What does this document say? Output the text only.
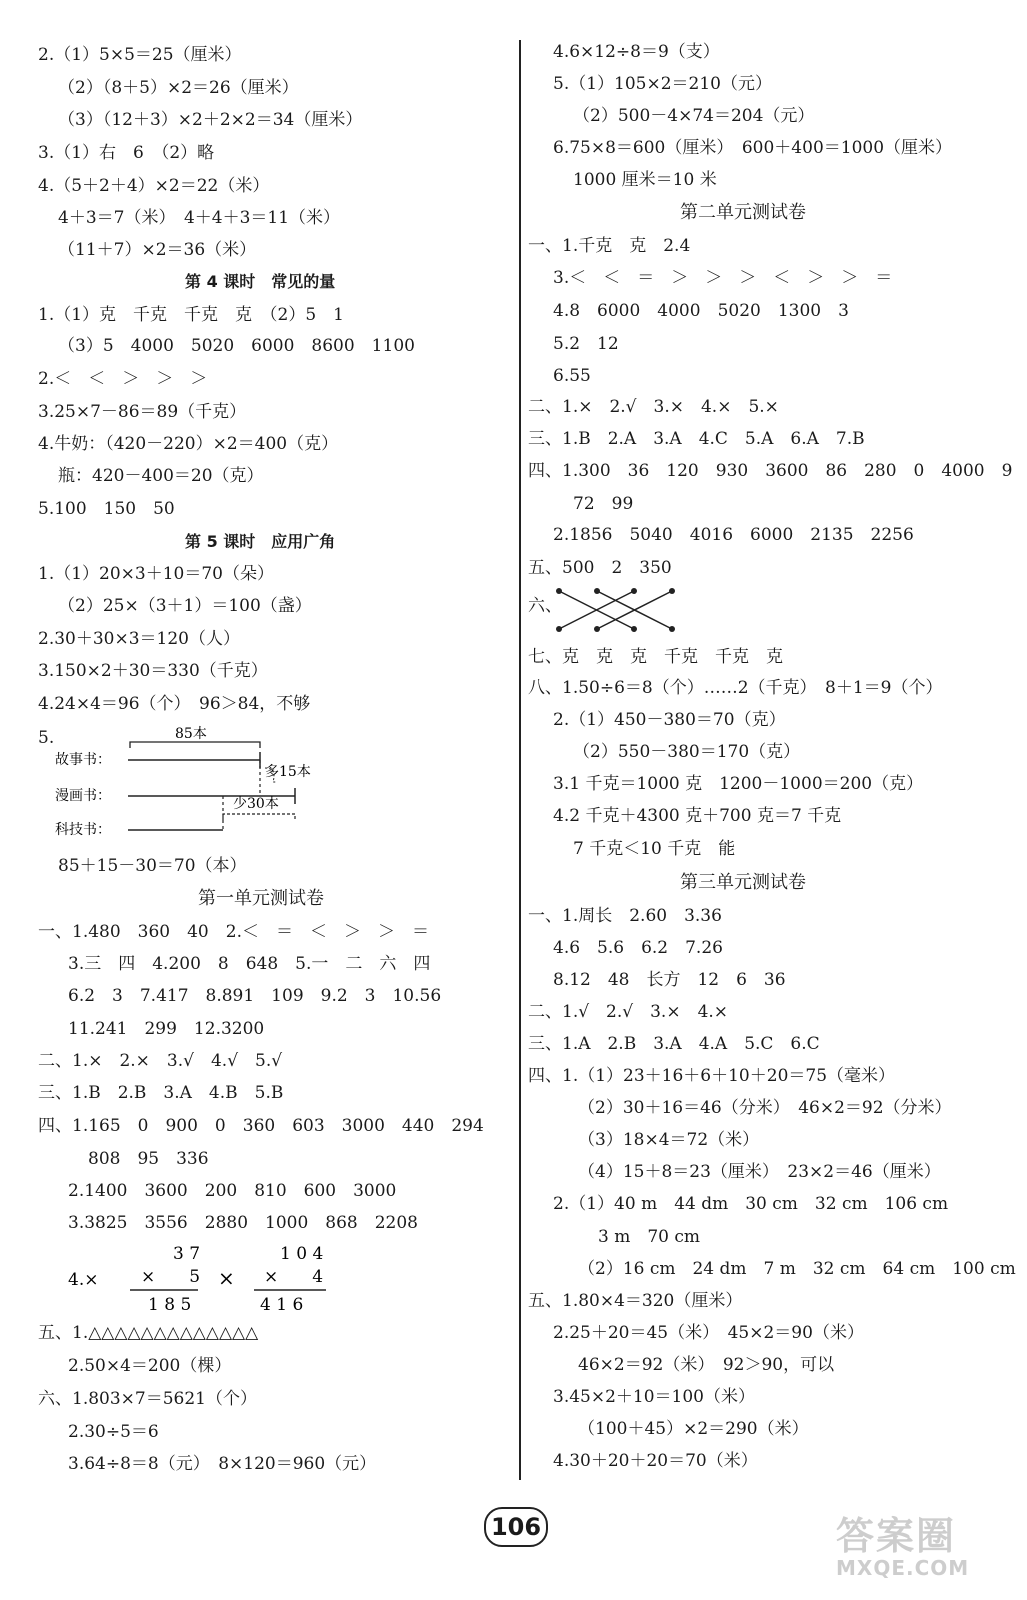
2.（1）5×5＝25（厘米）
（2）（8＋5）×2＝26（厘米）
（3）（12＋3）×2＋2×2＝34（厘米）
3.（1）右　6　（2）略
4.（5＋2＋4）×2＝22（米）
4＋3＝7（米）　4＋4＋3＝11（米）
（11＋7）×2＝36（米）
第 4 课时　常见的量
1.（1）克　千克　千克　克　（2）5　1
（3）5　4000　5020　6000　8600　1100
2.＜　＜　＞　＞　＞
3.25×7－86＝89（千克）
4.牛奶：（420－220）×2＝400（克）
瓶：420－400＝20（克）
5.100　150　50
第 5 课时　应用广角
1.（1）20×3＋10＝70（朵）
（2）25×（3＋1）＝100（盏）
2.30＋30×3＝120（人）
3.150×2＋30＝330（千克）
4.24×4＝96（个）　96＞84，不够
5.
故事书：
漫画书：
科技书：
85本
多15本
少30本
85＋15－30＝70（本）
第一单元测试卷
一、1.480　360　40　2.＜　＝　＜　＞　＞　＝
3.三　四　4.200　8　648　5.一　二　六　四
6.2　3　7.417　8.891　109　9.2　3　10.56
11.241　299　12.3200
二、1.×　2.×　3.√　4.√　5.√
三、1.B　2.B　3.A　4.B　5.B
四、1.165　0　900　0　360　603　3000　440　294
808　95　336
2.1400　3600　200　810　600　3000
3.3825　3556　2880　1000　868　2208
4.×
3 7
×　　5
1 8 5
×
1 0 4
×　　4
4 1 6
五、1.△△△△△△△△△△△△△
2.50×4＝200（棵）
六、1.803×7＝5621（个）
2.30÷5＝6
3.64÷8＝8（元）　8×120＝960（元）
4.6×12÷8＝9（支）
5.（1）105×2＝210（元）
（2）500－4×74＝204（元）
6.75×8＝600（厘米）　600＋400＝1000（厘米）
1000 厘米＝10 米
第二单元测试卷
一、1.千克　克　2.4
3.＜　＜　＝　＞　＞　＞　＜　＞　＞　＝
4.8　6000　4000　5020　1300　3
5.2　12
6.55
二、1.×　2.√　3.×　4.×　5.×
三、1.B　2.A　3.A　4.C　5.A　6.A　7.B
四、1.300　36　120　930　3600　86　280　0　4000　9
72　99
2.1856　5040　4016　6000　2135　2256
五、500　2　350
六、
七、克　克　克　千克　千克　克
八、1.50÷6＝8（个）……2（千克）　8＋1＝9（个）
2.（1）450－380＝70（克）
（2）550－380＝170（克）
3.1 千克＝1000 克　1200－1000＝200（克）
4.2 千克＋4300 克＋700 克＝7 千克
7 千克＜10 千克　能
第三单元测试卷
一、1.周长　2.60　3.36
4.6　5.6　6.2　7.26
8.12　48　长方　12　6　36
二、1.√　2.√　3.×　4.×
三、1.A　2.B　3.A　4.A　5.C　6.C
四、1.（1）23＋16＋6＋10＋20＝75（毫米）
（2）30＋16＝46（分米）　46×2＝92（分米）
（3）18×4＝72（米）
（4）15＋8＝23（厘米）　23×2＝46（厘米）
2.（1）40 m　44 dm　30 cm　32 cm　106 cm
3 m　70 cm
（2）16 cm　24 dm　7 m　32 cm　64 cm　100 cm
五、1.80×4＝320（厘米）
2.25＋20＝45（米）　45×2＝90（米）
46×2＝92（米）　92＞90，可以
3.45×2＋10＝100（米）
（100＋45）×2＝290（米）
4.30＋20＋20＝70（米）
106	答案圈
MXQE.COM
